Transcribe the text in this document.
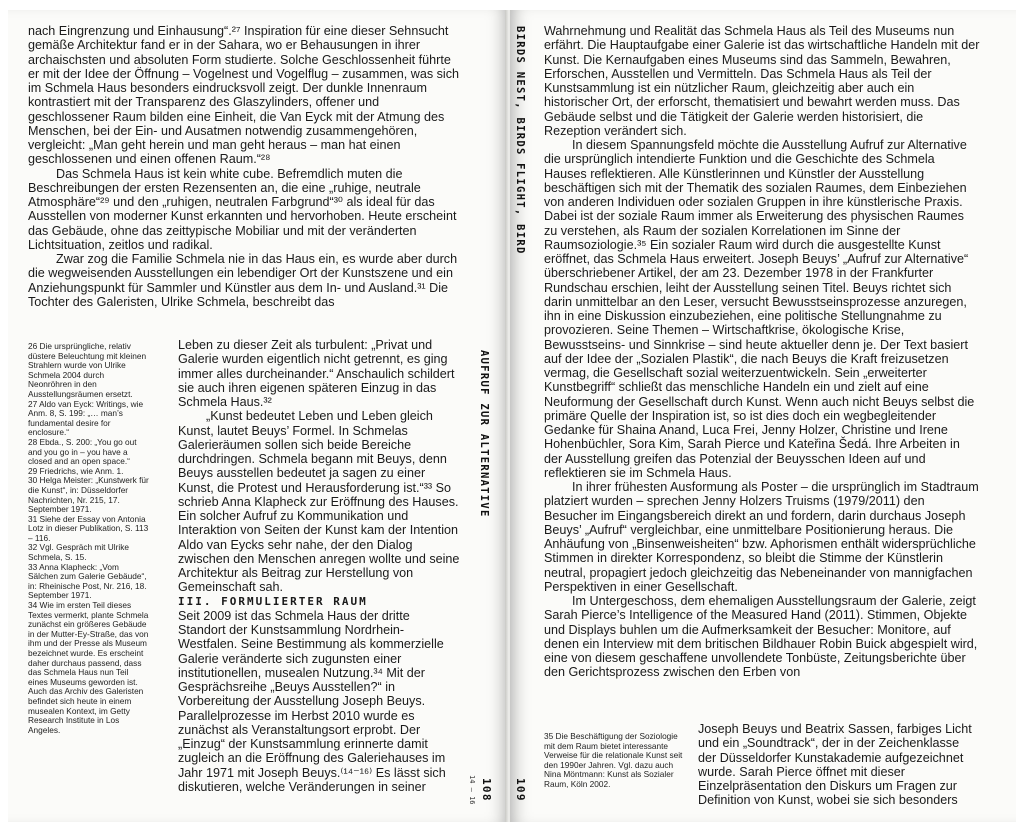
nach Eingrenzung und Einhausung“.²⁷ Inspiration für eine dieser Sehnsucht gemäße Architektur fand er in der Sahara, wo er Behausungen in ihrer archaischsten und absoluten Form studierte. Solche Geschlossenheit führte er mit der Idee der Öffnung – Vogelnest und Vogelflug – zusammen, was sich im Schmela Haus besonders eindrucksvoll zeigt. Der dunkle Innenraum kontrastiert mit der Transparenz des Glaszylinders, offener und geschlossener Raum bilden eine Einheit, die Van Eyck mit der Atmung des Menschen, bei der Ein- und Ausatmen notwendig zusammengehören, vergleicht: „Man geht herein und man geht heraus – man hat einen geschlossenen und einen offenen Raum.“²⁸

Das Schmela Haus ist kein white cube. Befremdlich muten die Beschreibungen der ersten Rezensenten an, die eine „ruhige, neutrale Atmosphäre“²⁹ und den „ruhigen, neutralen Farbgrund“³⁰ als ideal für das Ausstellen von moderner Kunst erkannten und hervorhoben. Heute erscheint das Gebäude, ohne das zeittypische Mobiliar und mit der veränderten Lichtsituation, zeitlos und radikal.

Zwar zog die Familie Schmela nie in das Haus ein, es wurde aber durch die wegweisenden Ausstellungen ein lebendiger Ort der Kunstszene und ein Anziehungspunkt für Sammler und Künstler aus dem In- und Ausland.³¹ Die Tochter des Galeristen, Ulrike Schmela, beschreibt das

Leben zu dieser Zeit als turbulent: „Privat und Galerie wurden eigentlich nicht getrennt, es ging immer alles durcheinander.“ Anschaulich schildert sie auch ihren eigenen späteren Einzug in das Schmela Haus.³²

„Kunst bedeutet Leben und Leben gleich Kunst, lautet Beuys’ Formel. In Schmelas Galerieräumen sollen sich beide Bereiche durchdringen. Schmela begann mit Beuys, denn Beuys ausstellen bedeutet ja sagen zu einer Kunst, die Protest und Herausforderung ist.“³³ So schrieb Anna Klapheck zur Eröffnung des Hauses. Ein solcher Aufruf zu Kommunikation und Interaktion von Seiten der Kunst kam der Intention Aldo van Eycks sehr nahe, der den Dialog zwischen den Menschen anregen wollte und seine Architektur als Beitrag zur Herstellung von Gemeinschaft sah.

III. FORMULIERTER RAUM

Seit 2009 ist das Schmela Haus der dritte Standort der Kunstsammlung Nordrhein-Westfalen. Seine Bestimmung als kommerzielle Galerie veränderte sich zugunsten einer institutionellen, musealen Nutzung.³⁴ Mit der Gesprächsreihe „Beuys Ausstellen?“ in Vorbereitung der Ausstellung Joseph Beuys. Parallelprozesse im Herbst 2010 wurde es zunächst als Veranstaltungsort erprobt. Der „Einzug“ der Kunstsammlung erinnerte damit zugleich an die Eröffnung des Galeriehauses im Jahr 1971 mit Joseph Beuys.⁽¹⁴⁻¹⁶⁾ Es lässt sich diskutieren, welche Veränderungen in seiner

26 Die ursprüngliche, relativ düstere Beleuchtung mit kleinen Strahlern wurde von Ulrike Schmela 2004 durch Neonröhren in den Ausstellungsräumen ersetzt.

27 Aldo van Eyck: Writings, wie Anm. 8, S. 199: „… man’s fundamental desire for enclosure.“

28 Ebda., S. 200: „You go out and you go in – you have a closed and an open space.“

29 Friedrichs, wie Anm. 1.

30 Helga Meister: „Kunstwerk für die Kunst“, in: Düsseldorfer Nachrichten, Nr. 215, 17. September 1971.

31 Siehe der Essay von Antonia Lotz in dieser Publikation, S. 113 – 116.

32 Vgl. Gespräch mit Ulrike Schmela, S. 15.

33 Anna Klapheck: „Vom Sälchen zum Galerie Gebäude“, in: Rheinische Post, Nr. 216, 18. September 1971.

34 Wie im ersten Teil dieses Textes vermerkt, plante Schmela zunächst ein größeres Gebäude in der Mutter-Ey-Straße, das von ihm und der Presse als Museum bezeichnet wurde. Es erscheint daher durchaus passend, dass das Schmela Haus nun Teil eines Museums geworden ist. Auch das Archiv des Galeristen befindet sich heute in einem musealen Kontext, im Getty Research Institute in Los Angeles.

AUFRUF ZUR ALTERNATIVE
14 ‒ 16 108
BIRDS NEST, BIRDS FLIGHT, BIRD
109

Wahrnehmung und Realität das Schmela Haus als Teil des Museums nun erfährt. Die Hauptaufgabe einer Galerie ist das wirtschaftliche Handeln mit der Kunst. Die Kernaufgaben eines Museums sind das Sammeln, Bewahren, Erforschen, Ausstellen und Vermitteln. Das Schmela Haus als Teil der Kunstsammlung ist ein nützlicher Raum, gleichzeitig aber auch ein historischer Ort, der erforscht, thematisiert und bewahrt werden muss. Das Gebäude selbst und die Tätigkeit der Galerie werden historisiert, die Rezeption verändert sich.

In diesem Spannungsfeld möchte die Ausstellung Aufruf zur Alternative die ursprünglich intendierte Funktion und die Geschichte des Schmela Hauses reflektieren. Alle Künstlerinnen und Künstler der Ausstellung beschäftigen sich mit der Thematik des sozialen Raumes, dem Einbeziehen von anderen Individuen oder sozialen Gruppen in ihre künstlerische Praxis. Dabei ist der soziale Raum immer als Erweiterung des physischen Raumes zu verstehen, als Raum der sozialen Korrelationen im Sinne der Raumsoziologie.³⁵ Ein sozialer Raum wird durch die ausgestellte Kunst eröffnet, das Schmela Haus erweitert. Joseph Beuys’ „Aufruf zur Alternative“ überschriebener Artikel, der am 23. Dezember 1978 in der Frankfurter Rundschau erschien, leiht der Ausstellung seinen Titel. Beuys richtet sich darin unmittelbar an den Leser, versucht Bewusstseinsprozesse anzuregen, ihn in eine Diskussion einzubeziehen, eine politische Stellungnahme zu provozieren. Seine Themen – Wirtschaftkrise, ökologische Krise, Bewusstseins- und Sinnkrise – sind heute aktueller denn je. Der Text basiert auf der Idee der „Sozialen Plastik“, die nach Beuys die Kraft freizusetzen vermag, die Gesellschaft sozial weiterzuentwickeln. Sein „erweiterter Kunstbegriff“ schließt das menschliche Handeln ein und zielt auf eine Neuformung der Gesellschaft durch Kunst. Wenn auch nicht Beuys selbst die primäre Quelle der Inspiration ist, so ist dies doch ein wegbegleitender Gedanke für Shaina Anand, Luca Frei, Jenny Holzer, Christine und Irene Hohenbüchler, Sora Kim, Sarah Pierce und Kateřina Šedá. Ihre Arbeiten in der Ausstellung greifen das Potenzial der Beuysschen Ideen auf und reflektieren sie im Schmela Haus.

In ihrer frühesten Ausformung als Poster – die ursprünglich im Stadtraum platziert wurden – sprechen Jenny Holzers Truisms (1979/2011) den Besucher im Eingangsbereich direkt an und fordern, darin durchaus Joseph Beuys’ „Aufruf“ vergleichbar, eine unmittelbare Positionierung heraus. Die Anhäufung von „Binsenweisheiten“ bzw. Aphorismen enthält widersprüchliche Stimmen in direkter Korrespondenz, so bleibt die Stimme der Künstlerin neutral, propagiert jedoch gleichzeitig das Nebeneinander von mannigfachen Perspektiven in einer Gesellschaft.

Im Untergeschoss, dem ehemaligen Ausstellungsraum der Galerie, zeigt Sarah Pierce’s Intelligence of the Measured Hand (2011). Stimmen, Objekte und Displays buhlen um die Aufmerksamkeit der Besucher: Monitore, auf denen ein Interview mit dem britischen Bildhauer Robin Buick abgespielt wird, eine von diesem geschaffene unvollendete Tonbüste, Zeitungsberichte über den Gerichtsprozess zwischen den Erben von

Joseph Beuys und Beatrix Sassen, farbiges Licht und ein „Soundtrack“, der in der Zeichenklasse der Düsseldorfer Kunstakademie aufgezeichnet wurde. Sarah Pierce öffnet mit dieser Einzelpräsentation den Diskurs um Fragen zur Definition von Kunst, wobei sie sich besonders

35 Die Beschäftigung der Soziologie mit dem Raum bietet interessante Verweise für die relationale Kunst seit den 1990er Jahren. Vgl. dazu auch Nina Möntmann: Kunst als Sozialer Raum, Köln 2002.
